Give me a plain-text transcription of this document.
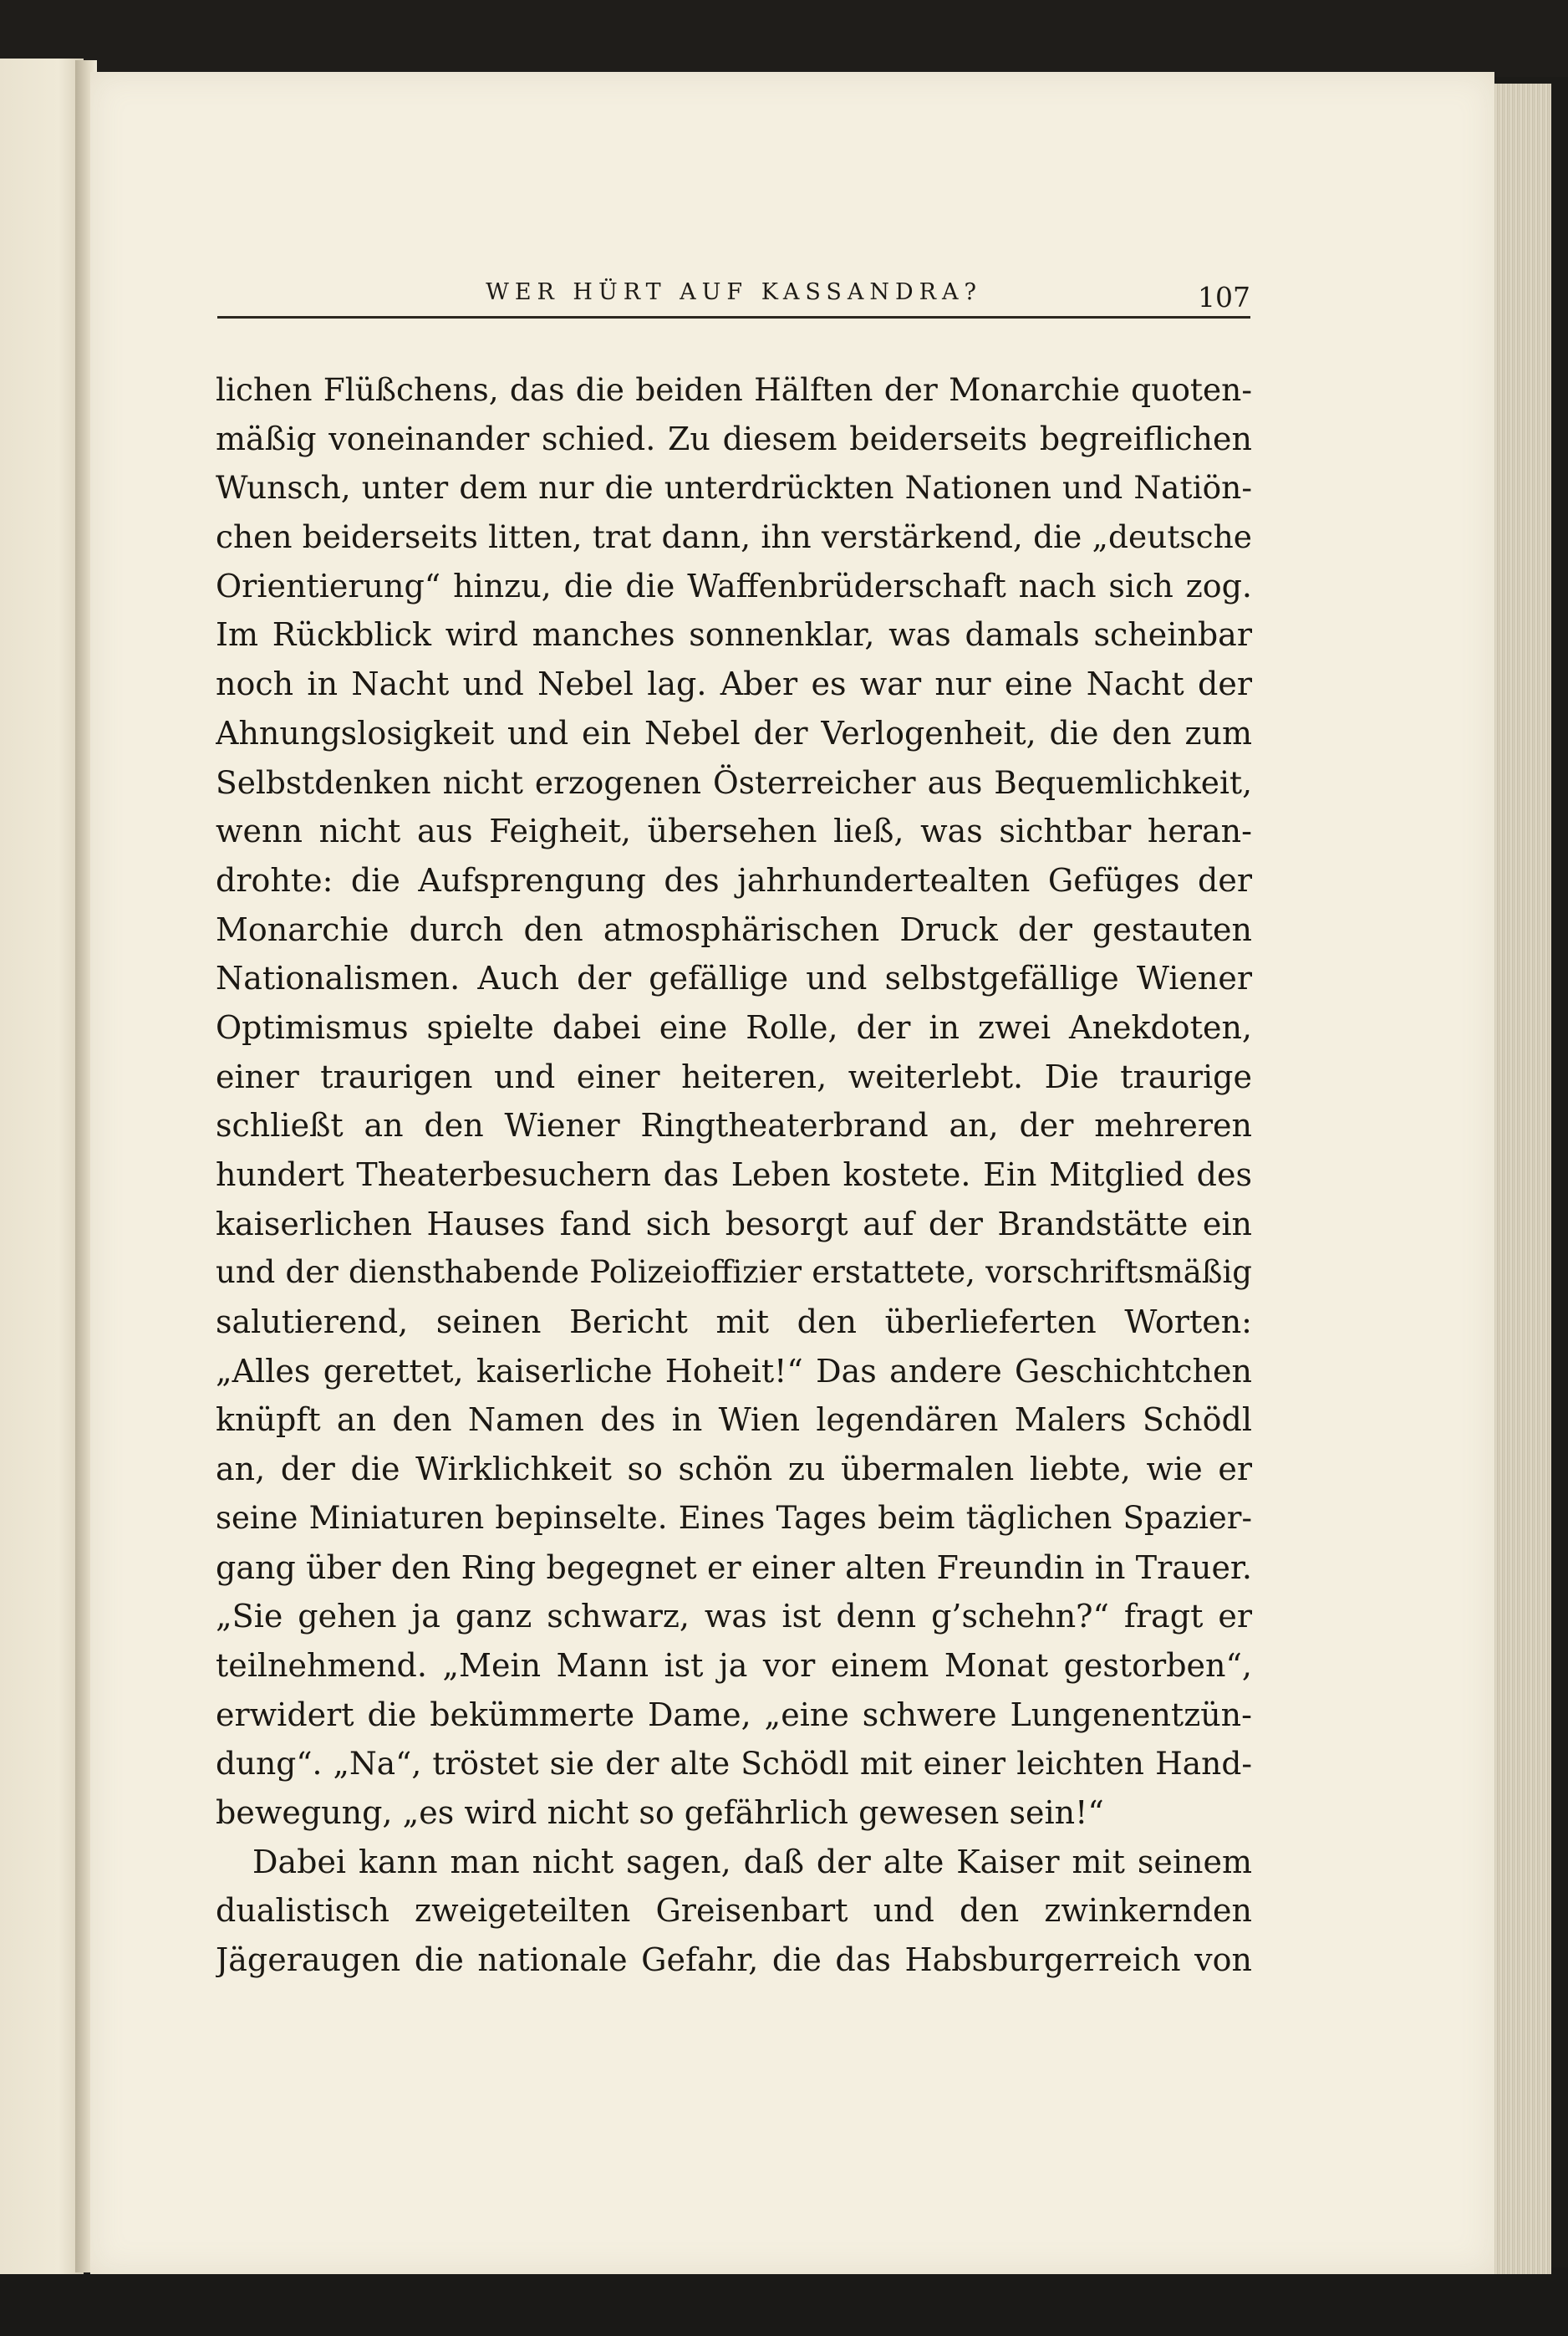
WER HÜRT AUF KASSANDRA?	107
lichen Flüßchens, das die beiden Hälften der Monarchie quoten-
mäßig voneinander schied. Zu diesem beiderseits begreiflichen
Wunsch, unter dem nur die unterdrückten Nationen und Natiön-
chen beiderseits litten, trat dann, ihn verstärkend, die „deutsche
Orientierung“ hinzu, die die Waffenbrüderschaft nach sich zog.
Im Rückblick wird manches sonnenklar, was damals scheinbar
noch in Nacht und Nebel lag. Aber es war nur eine Nacht der
Ahnungslosigkeit und ein Nebel der Verlogenheit, die den zum
Selbstdenken nicht erzogenen Österreicher aus Bequemlichkeit,
wenn nicht aus Feigheit, übersehen ließ, was sichtbar heran-
drohte: die Aufsprengung des jahrhundertealten Gefüges der
Monarchie durch den atmosphärischen Druck der gestauten
Nationalismen. Auch der gefällige und selbstgefällige Wiener
Optimismus spielte dabei eine Rolle, der in zwei Anekdoten,
einer traurigen und einer heiteren, weiterlebt. Die traurige
schließt an den Wiener Ringtheaterbrand an, der mehreren
hundert Theaterbesuchern das Leben kostete. Ein Mitglied des
kaiserlichen Hauses fand sich besorgt auf der Brandstätte ein
und der diensthabende Polizeioffizier erstattete, vorschriftsmäßig
salutierend, seinen Bericht mit den überlieferten Worten:
„Alles gerettet, kaiserliche Hoheit!“ Das andere Geschichtchen
knüpft an den Namen des in Wien legendären Malers Schödl
an, der die Wirklichkeit so schön zu übermalen liebte, wie er
seine Miniaturen bepinselte. Eines Tages beim täglichen Spazier-
gang über den Ring begegnet er einer alten Freundin in Trauer.
„Sie gehen ja ganz schwarz, was ist denn g’schehn?“ fragt er
teilnehmend. „Mein Mann ist ja vor einem Monat gestorben“,
erwidert die bekümmerte Dame, „eine schwere Lungenentzün-
dung“. „Na“, tröstet sie der alte Schödl mit einer leichten Hand-
bewegung, „es wird nicht so gefährlich gewesen sein!“
Dabei kann man nicht sagen, daß der alte Kaiser mit seinem
dualistisch zweigeteilten Greisenbart und den zwinkernden
Jägeraugen die nationale Gefahr, die das Habsburgerreich von
